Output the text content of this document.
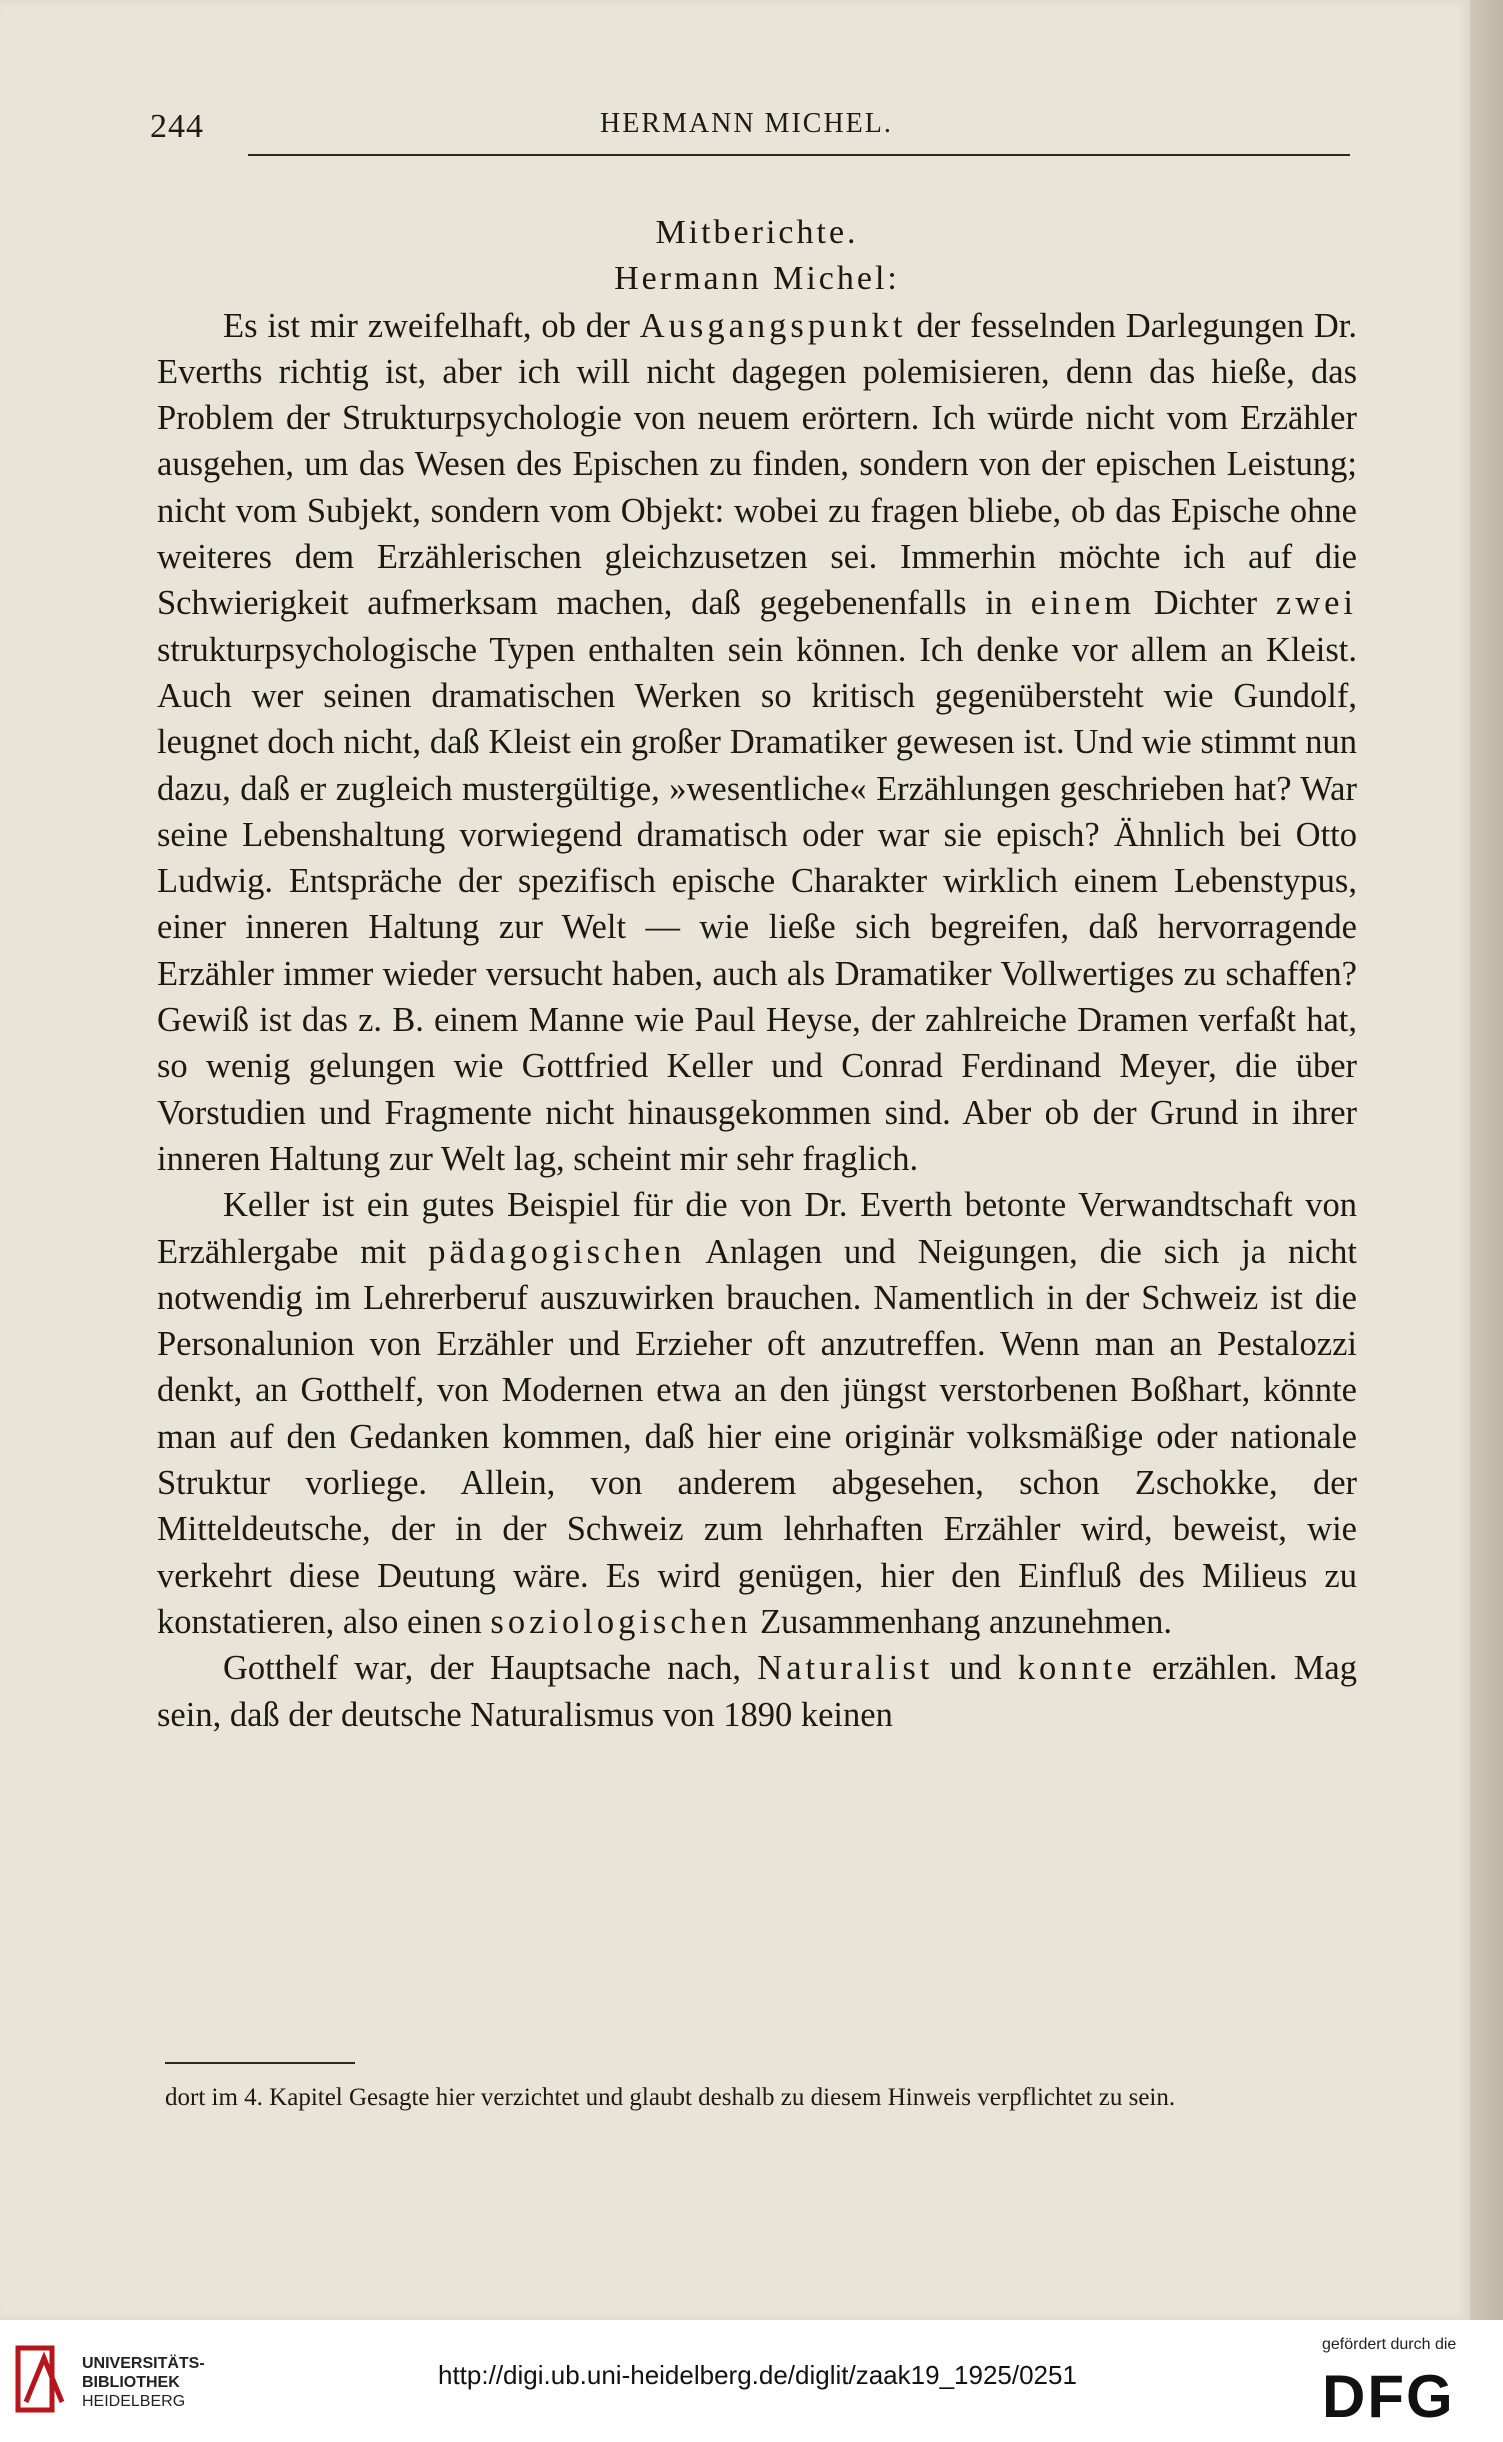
244	HERMANN MICHEL.
Mitberichte.
Hermann Michel:

Es ist mir zweifelhaft, ob der Ausgangspunkt der fesselnden Darlegungen Dr. Everths richtig ist, aber ich will nicht dagegen polemisieren, denn das hieße, das Problem der Strukturpsychologie von neuem erörtern. Ich würde nicht vom Erzähler ausgehen, um das Wesen des Epischen zu finden, sondern von der epischen Leistung; nicht vom Subjekt, sondern vom Objekt: wobei zu fragen bliebe, ob das Epische ohne weiteres dem Erzählerischen gleichzusetzen sei. Immerhin möchte ich auf die Schwierigkeit aufmerksam machen, daß gegebenenfalls in einem Dichter zwei strukturpsychologische Typen enthalten sein können. Ich denke vor allem an Kleist. Auch wer seinen dramatischen Werken so kritisch gegenübersteht wie Gundolf, leugnet doch nicht, daß Kleist ein großer Dramatiker gewesen ist. Und wie stimmt nun dazu, daß er zugleich mustergültige, »wesentliche« Erzählungen geschrieben hat? War seine Lebenshaltung vorwiegend dramatisch oder war sie episch? Ähnlich bei Otto Ludwig. Entspräche der spezifisch epische Charakter wirklich einem Lebenstypus, einer inneren Haltung zur Welt — wie ließe sich begreifen, daß hervorragende Erzähler immer wieder versucht haben, auch als Dramatiker Vollwertiges zu schaffen? Gewiß ist das z. B. einem Manne wie Paul Heyse, der zahlreiche Dramen verfaßt hat, so wenig gelungen wie Gottfried Keller und Conrad Ferdinand Meyer, die über Vorstudien und Fragmente nicht hinausgekommen sind. Aber ob der Grund in ihrer inneren Haltung zur Welt lag, scheint mir sehr fraglich.

Keller ist ein gutes Beispiel für die von Dr. Everth betonte Verwandtschaft von Erzählergabe mit pädagogischen Anlagen und Neigungen, die sich ja nicht notwendig im Lehrerberuf auszuwirken brauchen. Namentlich in der Schweiz ist die Personalunion von Erzähler und Erzieher oft anzutreffen. Wenn man an Pestalozzi denkt, an Gotthelf, von Modernen etwa an den jüngst verstorbenen Boßhart, könnte man auf den Gedanken kommen, daß hier eine originär volksmäßige oder nationale Struktur vorliege. Allein, von anderem abgesehen, schon Zschokke, der Mitteldeutsche, der in der Schweiz zum lehrhaften Erzähler wird, beweist, wie verkehrt diese Deutung wäre. Es wird genügen, hier den Einfluß des Milieus zu konstatieren, also einen soziologischen Zusammenhang anzunehmen.

Gotthelf war, der Hauptsache nach, Naturalist und konnte erzählen. Mag sein, daß der deutsche Naturalismus von 1890 keinen

dort im 4. Kapitel Gesagte hier verzichtet und glaubt deshalb zu diesem Hinweis verpflichtet zu sein.
UNIVERSITÄTS-
BIBLIOTHEK
HEIDELBERG
http://digi.ub.uni-heidelberg.de/diglit/zaak19_1925/0251
gefördert durch die
DFG
